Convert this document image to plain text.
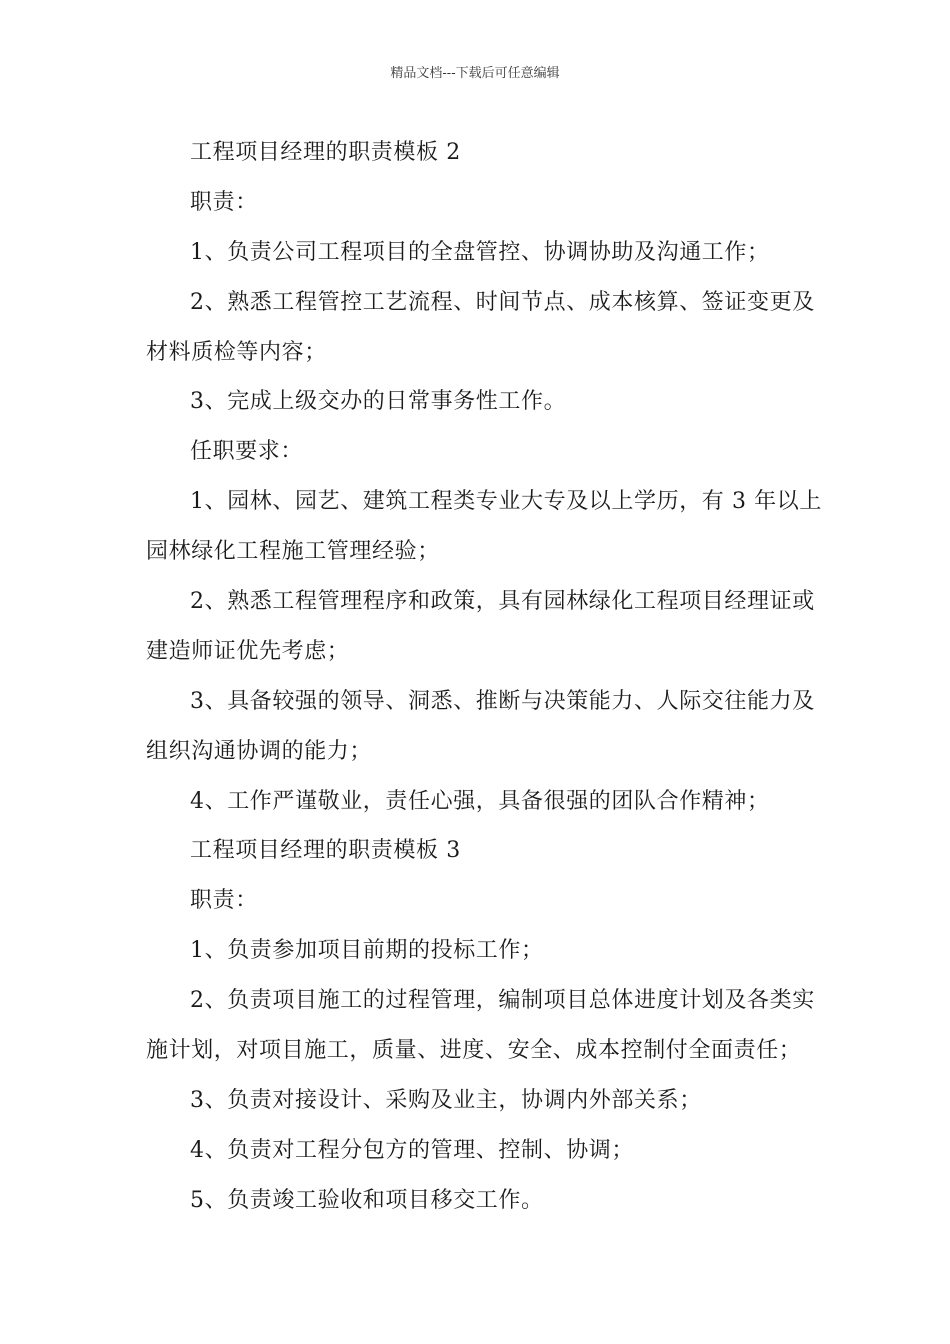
精品文档---下载后可任意编辑
工程项目经理的职责模板 2
职责：
1、负责公司工程项目的全盘管控、协调协助及沟通工作；
2、熟悉工程管控工艺流程、时间节点、成本核算、签证变更及
材料质检等内容；
3、完成上级交办的日常事务性工作。
任职要求：
1、园林、园艺、建筑工程类专业大专及以上学历，有 3 年以上
园林绿化工程施工管理经验；
2、熟悉工程管理程序和政策，具有园林绿化工程项目经理证或
建造师证优先考虑；
3、具备较强的领导、洞悉、推断与决策能力、人际交往能力及
组织沟通协调的能力；
4、工作严谨敬业，责任心强，具备很强的团队合作精神；
工程项目经理的职责模板 3
职责：
1、负责参加项目前期的投标工作；
2、负责项目施工的过程管理，编制项目总体进度计划及各类实
施计划，对项目施工，质量、进度、安全、成本控制付全面责任；
3、负责对接设计、采购及业主，协调内外部关系；
4、负责对工程分包方的管理、控制、协调；
5、负责竣工验收和项目移交工作。
